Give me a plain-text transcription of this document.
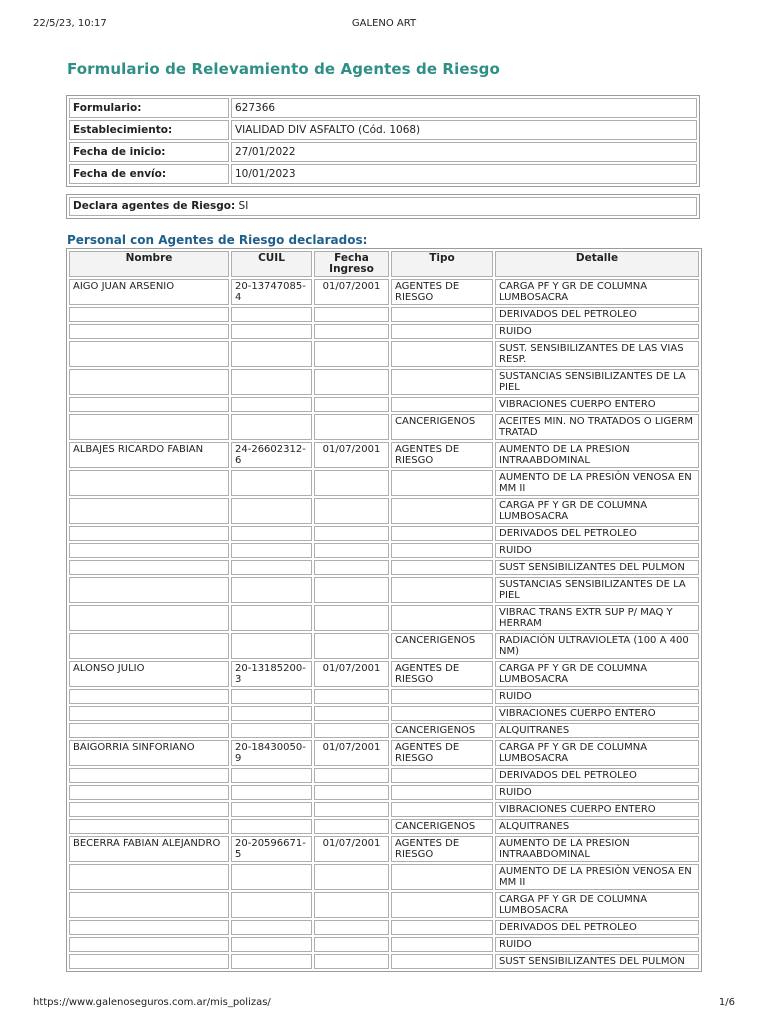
22/5/23, 10:17	GALENO ART
Formulario de Relevamiento de Agentes de Riesgo
Formulario:	627366
Establecimiento:	VIALIDAD DIV ASFALTO (Cód. 1068)
Fecha de inicio:	27/01/2022
Fecha de envío:	10/01/2023
Declara agentes de Riesgo: SI
Personal con Agentes de Riesgo declarados:
Nombre	CUIL	Fecha Ingreso	Tipo	Detalle
AIGO JUAN ARSENIO	20-13747085-4	01/07/2001	AGENTES DE RIESGO	CARGA PF Y GR DE COLUMNA LUMBOSACRA
				DERIVADOS DEL PETROLEO
				RUIDO
				SUST. SENSIBILIZANTES DE LAS VIAS RESP.
				SUSTANCIAS SENSIBILIZANTES DE LA PIEL
				VIBRACIONES CUERPO ENTERO
			CANCERIGENOS	ACEITES MIN. NO TRATADOS O LIGERM TRATAD
ALBAJES RICARDO FABIAN	24-26602312-6	01/07/2001	AGENTES DE RIESGO	AUMENTO DE LA PRESION INTRAABDOMINAL
				AUMENTO DE LA PRESIÒN VENOSA EN MM II
				CARGA PF Y GR DE COLUMNA LUMBOSACRA
				DERIVADOS DEL PETROLEO
				RUIDO
				SUST SENSIBILIZANTES DEL PULMON
				SUSTANCIAS SENSIBILIZANTES DE LA PIEL
				VIBRAC TRANS EXTR SUP P/ MAQ Y HERRAM
			CANCERIGENOS	RADIACIÓN ULTRAVIOLETA (100 A 400 NM)
ALONSO JULIO	20-13185200-3	01/07/2001	AGENTES DE RIESGO	CARGA PF Y GR DE COLUMNA LUMBOSACRA
				RUIDO
				VIBRACIONES CUERPO ENTERO
			CANCERIGENOS	ALQUITRANES
BAIGORRIA SINFORIANO	20-18430050-9	01/07/2001	AGENTES DE RIESGO	CARGA PF Y GR DE COLUMNA LUMBOSACRA
				DERIVADOS DEL PETROLEO
				RUIDO
				VIBRACIONES CUERPO ENTERO
			CANCERIGENOS	ALQUITRANES
BECERRA FABIAN ALEJANDRO	20-20596671-5	01/07/2001	AGENTES DE RIESGO	AUMENTO DE LA PRESION INTRAABDOMINAL
				AUMENTO DE LA PRESIÒN VENOSA EN MM II
				CARGA PF Y GR DE COLUMNA LUMBOSACRA
				DERIVADOS DEL PETROLEO
				RUIDO
				SUST SENSIBILIZANTES DEL PULMON
https://www.galenoseguros.com.ar/mis_polizas/	1/6
